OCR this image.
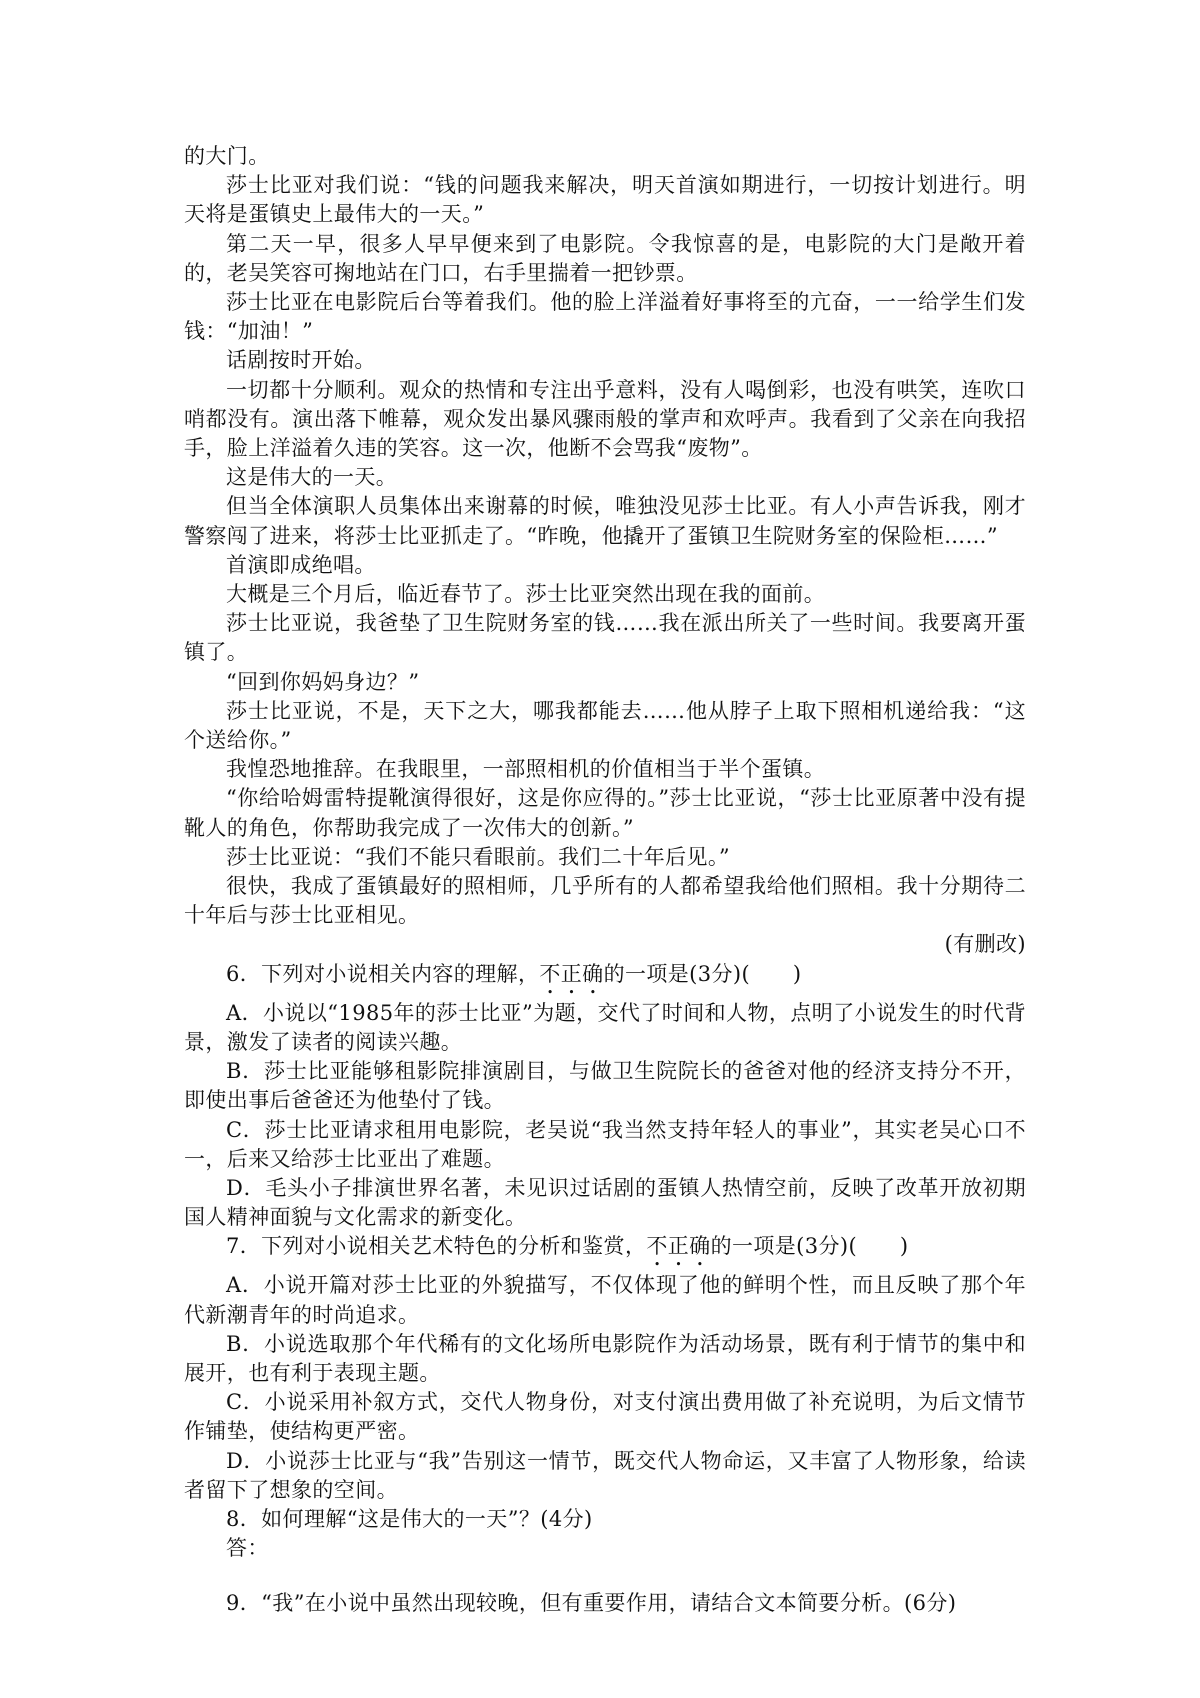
的大门。

莎士比亚对我们说：“钱的问题我来解决，明天首演如期进行，一切按计划进行。明天将是蛋镇史上最伟大的一天。”

第二天一早，很多人早早便来到了电影院。令我惊喜的是，电影院的大门是敞开着的，老吴笑容可掬地站在门口，右手里揣着一把钞票。

莎士比亚在电影院后台等着我们。他的脸上洋溢着好事将至的亢奋，一一给学生们发钱：“加油！”

话剧按时开始。

一切都十分顺利。观众的热情和专注出乎意料，没有人喝倒彩，也没有哄笑，连吹口哨都没有。演出落下帷幕，观众发出暴风骤雨般的掌声和欢呼声。我看到了父亲在向我招手，脸上洋溢着久违的笑容。这一次，他断不会骂我“废物”。

这是伟大的一天。

但当全体演职人员集体出来谢幕的时候，唯独没见莎士比亚。有人小声告诉我，刚才警察闯了进来，将莎士比亚抓走了。“昨晚，他撬开了蛋镇卫生院财务室的保险柜……”

首演即成绝唱。

大概是三个月后，临近春节了。莎士比亚突然出现在我的面前。

莎士比亚说，我爸垫了卫生院财务室的钱……我在派出所关了一些时间。我要离开蛋镇了。

“回到你妈妈身边？”

莎士比亚说，不是，天下之大，哪我都能去……他从脖子上取下照相机递给我：“这个送给你。”

我惶恐地推辞。在我眼里，一部照相机的价值相当于半个蛋镇。

“你给哈姆雷特提靴演得很好，这是你应得的。”莎士比亚说，“莎士比亚原著中没有提靴人的角色，你帮助我完成了一次伟大的创新。”

莎士比亚说：“我们不能只看眼前。我们二十年后见。”

很快，我成了蛋镇最好的照相师，几乎所有的人都希望我给他们照相。我十分期待二十年后与莎士比亚相见。

(有删改)

6．下列对小说相关内容的理解，不正确的一项是(3分)(　　)

A．小说以“1985年的莎士比亚”为题，交代了时间和人物，点明了小说发生的时代背景，激发了读者的阅读兴趣。

B．莎士比亚能够租影院排演剧目，与做卫生院院长的爸爸对他的经济支持分不开，即使出事后爸爸还为他垫付了钱。

C．莎士比亚请求租用电影院，老吴说“我当然支持年轻人的事业”，其实老吴心口不一，后来又给莎士比亚出了难题。

D．毛头小子排演世界名著，未见识过话剧的蛋镇人热情空前，反映了改革开放初期国人精神面貌与文化需求的新变化。

7．下列对小说相关艺术特色的分析和鉴赏，不正确的一项是(3分)(　　)

A．小说开篇对莎士比亚的外貌描写，不仅体现了他的鲜明个性，而且反映了那个年代新潮青年的时尚追求。

B．小说选取那个年代稀有的文化场所电影院作为活动场景，既有利于情节的集中和展开，也有利于表现主题。

C．小说采用补叙方式，交代人物身份，对支付演出费用做了补充说明，为后文情节作铺垫，使结构更严密。

D．小说莎士比亚与“我”告别这一情节，既交代人物命运，又丰富了人物形象，给读者留下了想象的空间。

8．如何理解“这是伟大的一天”？(4分)

答：

9．“我”在小说中虽然出现较晚，但有重要作用，请结合文本简要分析。(6分)
